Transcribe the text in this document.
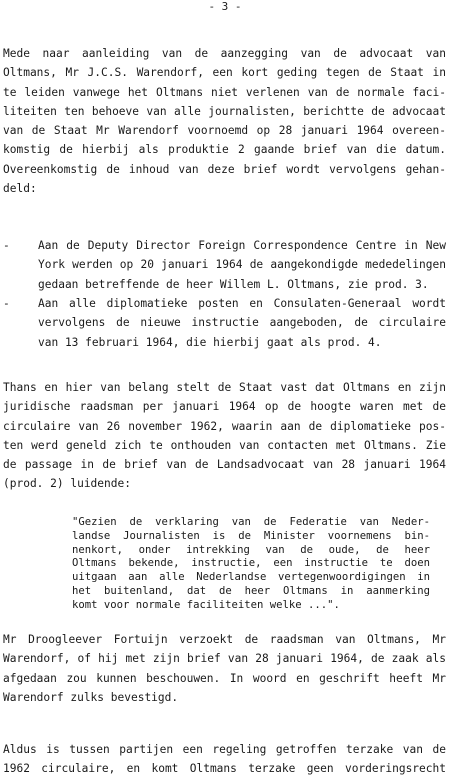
- 3 -
Mede naar aanleiding van de aanzegging van de advocaat van
Oltmans, Mr J.C.S. Warendorf, een kort geding tegen de Staat in
te leiden vanwege het Oltmans niet verlenen van de normale faci-
liteiten ten behoeve van alle journalisten, berichtte de advocaat
van de Staat Mr Warendorf voornoemd op 28 januari 1964 overeen-
komstig de hierbij als produktie 2 gaande brief van die datum.
Overeenkomstig de inhoud van deze brief wordt vervolgens gehan-
deld:
-	Aan de Deputy Director Foreign Correspondence Centre in New
York werden op 20 januari 1964 de aangekondigde mededelingen
gedaan betreffende de heer Willem L. Oltmans, zie prod. 3.
-	Aan alle diplomatieke posten en Consulaten-Generaal wordt
vervolgens de nieuwe instructie aangeboden, de circulaire
van 13 februari 1964, die hierbij gaat als prod. 4.
Thans en hier van belang stelt de Staat vast dat Oltmans en zijn
juridische raadsman per januari 1964 op de hoogte waren met de
circulaire van 26 november 1962, waarin aan de diplomatieke pos-
ten werd geneld zich te onthouden van contacten met Oltmans. Zie
de passage in de brief van de Landsadvocaat van 28 januari 1964
(prod. 2) luidende:
"Gezien de verklaring van de Federatie van Neder-
landse Journalisten is de Minister voornemens bin-
nenkort, onder intrekking van de oude, de heer
Oltmans bekende, instructie, een instructie te doen
uitgaan aan alle Nederlandse vertegenwoordigingen in
het buitenland, dat de heer Oltmans in aanmerking
komt voor normale faciliteiten welke ...".
Mr Droogleever Fortuijn verzoekt de raadsman van Oltmans, Mr
Warendorf, of hij met zijn brief van 28 januari 1964, de zaak als
afgedaan zou kunnen beschouwen. In woord en geschrift heeft Mr
Warendorf zulks bevestigd.
Aldus is tussen partijen een regeling getroffen terzake van de
1962 circulaire, en komt Oltmans terzake geen vorderingsrecht
